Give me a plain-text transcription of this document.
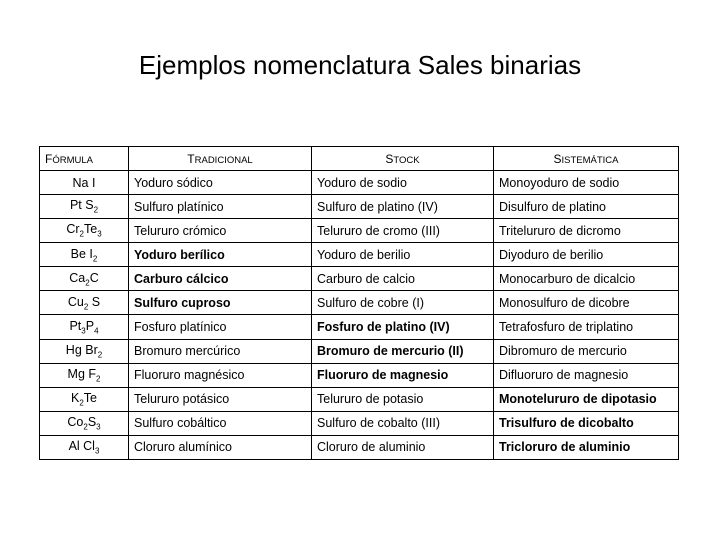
Ejemplos nomenclatura Sales binarias
FÓRMULA	TRADICIONAL	STOCK	SISTEMÁTICA
Na I	Yoduro sódico	Yoduro de sodio	Monoyoduro de sodio
Pt $S_2$	Sulfuro platínico	Sulfuro de platino (IV)	Disulfuro de platino
$Cr_2Te_3$	Telururo crómico	Telururo de cromo (III)	Tritelururo de dicromo
Be $I_2$	Yoduro berílico	Yoduro de berilio	Diyoduro de berilio
$Ca_2C$	Carburo cálcico	Carburo de calcio	Monocarburo de dicalcio
$Cu_2$ S	Sulfuro cuproso	Sulfuro de cobre (I)	Monosulfuro de dicobre
$Pt_3P_4$	Fosfuro platínico	Fosfuro de platino (IV)	Tetrafosfuro de triplatino
Hg $Br_2$	Bromuro mercúrico	Bromuro de mercurio (II)	Dibromuro de mercurio
Mg $F_2$	Fluoruro magnésico	Fluoruro de magnesio	Difluoruro de magnesio
$K_2Te$	Telururo potásico	Telururo de potasio	Monotelururo de dipotasio
$Co_2S_3$	Sulfuro cobáltico	Sulfuro de cobalto (III)	Trisulfuro de dicobalto
Al $Cl_3$	Cloruro alumínico	Cloruro de aluminio	Tricloruro de aluminio
